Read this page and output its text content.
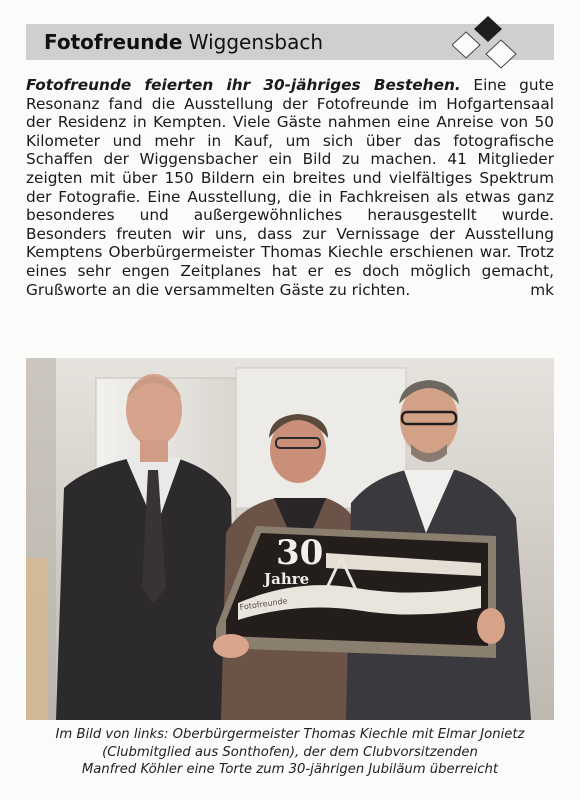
Fotofreunde Wiggensbach
Fotofreunde feierten ihr 30-jähriges Bestehen. Eine gute Resonanz fand die Ausstellung der Fotofreunde im Hofgartensaal der Residenz in Kempten. Viele Gäste nahmen eine Anreise von 50 Kilometer und mehr in Kauf, um sich über das fotografische Schaffen der Wiggensbacher ein Bild zu machen. 41 Mitglieder zeigten mit über 150 Bildern ein breites und vielfältiges Spektrum der Fotografie. Eine Ausstellung, die in Fachkreisen als etwas ganz besonderes und außergewöhnliches herausgestellt wurde. Besonders freuten wir uns, dass zur Vernissage der Ausstellung Kemptens Oberbürgermeister Thomas Kiechle erschienen war. Trotz eines sehr engen Zeitplanes hat er es doch möglich gemacht, Grußworte an die versammelten Gäste zu richten.	mk
30
Jahre
Fotofreunde
Im Bild von links: Oberbürgermeister Thomas Kiechle mit Elmar Jonietz
(Clubmitglied aus Sonthofen), der dem Clubvorsitzenden
Manfred Köhler eine Torte zum 30-jährigen Jubiläum überreicht
